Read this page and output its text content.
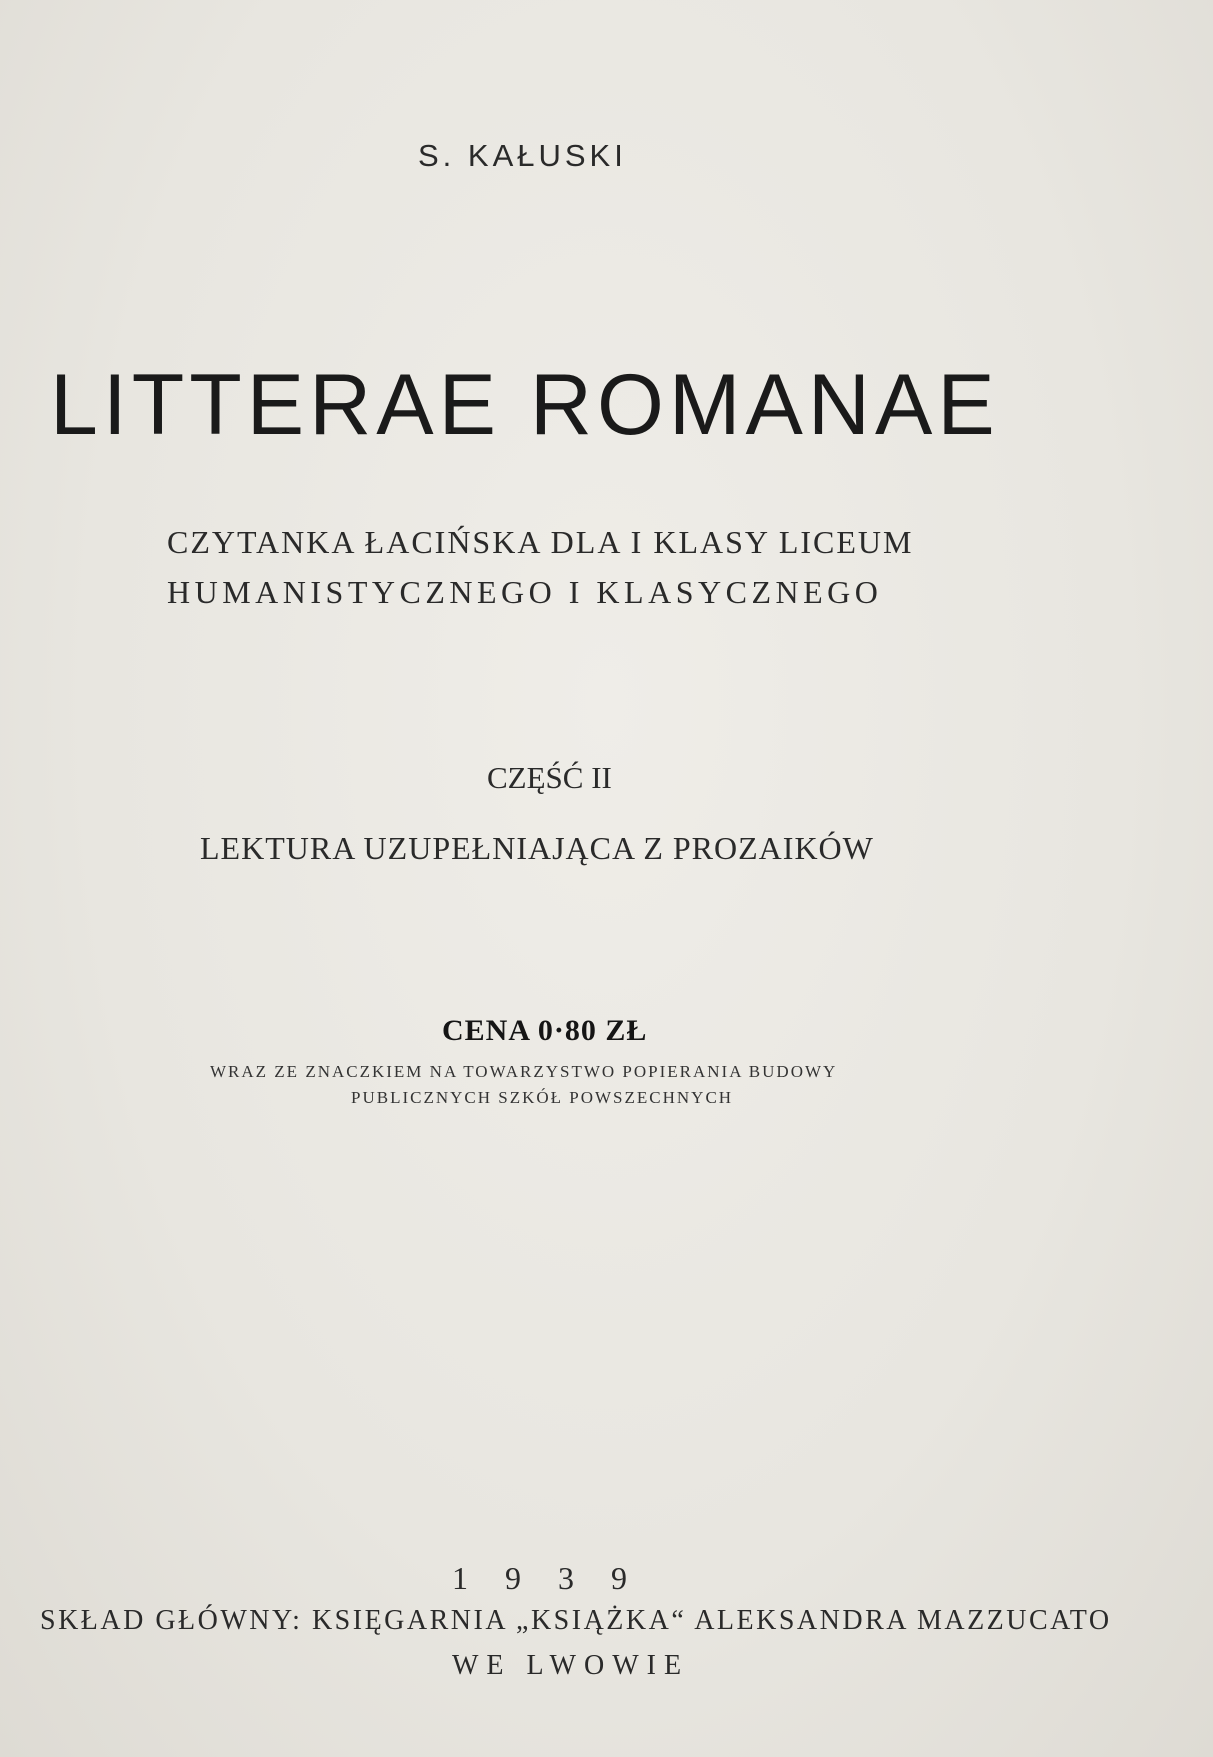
S. KAŁUSKI
LITTERAE ROMANAE
CZYTANKA ŁACIŃSKA DLA I KLASY LICEUM
HUMANISTYCZNEGO I KLASYCZNEGO
CZĘŚĆ II
LEKTURA UZUPEŁNIAJĄCA Z PROZAIKÓW
CENA 0·80 ZŁ
WRAZ ZE ZNACZKIEM NA TOWARZYSTWO POPIERANIA BUDOWY
PUBLICZNYCH SZKÓŁ POWSZECHNYCH
1939
SKŁAD GŁÓWNY: KSIĘGARNIA „KSIĄŻKA“ ALEKSANDRA MAZZUCATO
WE LWOWIE
